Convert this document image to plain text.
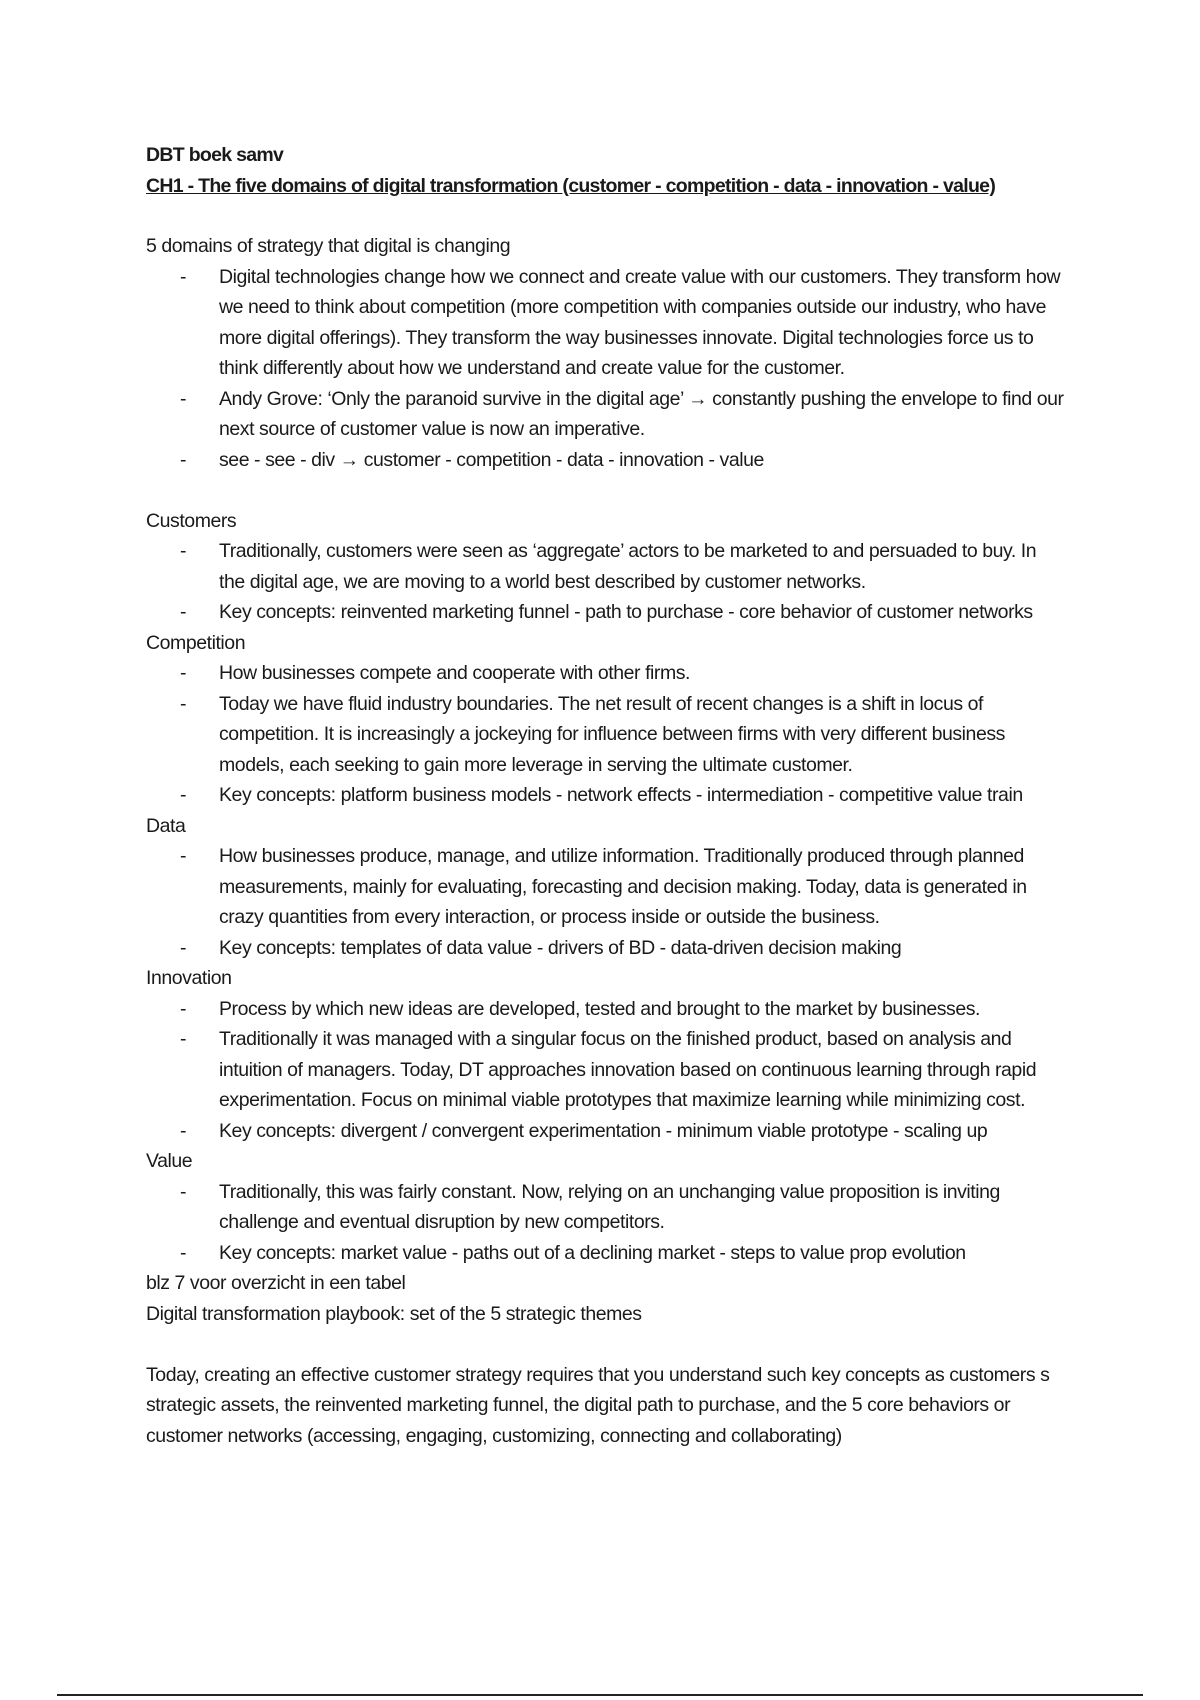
DBT boek samv

CH1 - The five domains of digital transformation (customer - competition - data - innovation - value)

5 domains of strategy that digital is changing

- Digital technologies change how we connect and create value with our customers. They transform how we need to think about competition (more competition with companies outside our industry, who have more digital offerings). They transform the way businesses innovate. Digital technologies force us to think differently about how we understand and create value for the customer.
- Andy Grove: ‘Only the paranoid survive in the digital age’ → constantly pushing the envelope to find our next source of customer value is now an imperative.
- see - see - div → customer - competition - data - innovation - value

Customers

- Traditionally, customers were seen as ‘aggregate’ actors to be marketed to and persuaded to buy. In the digital age, we are moving to a world best described by customer networks.
- Key concepts: reinvented marketing funnel - path to purchase - core behavior of customer networks

Competition

- How businesses compete and cooperate with other firms.
- Today we have fluid industry boundaries. The net result of recent changes is a shift in locus of competition. It is increasingly a jockeying for influence between firms with very different business models, each seeking to gain more leverage in serving the ultimate customer.
- Key concepts: platform business models - network effects - intermediation - competitive value train

Data

- How businesses produce, manage, and utilize information. Traditionally produced through planned measurements, mainly for evaluating, forecasting and decision making. Today, data is generated in crazy quantities from every interaction, or process inside or outside the business.
- Key concepts: templates of data value - drivers of BD - data-driven decision making

Innovation

- Process by which new ideas are developed, tested and brought to the market by businesses.
- Traditionally it was managed with a singular focus on the finished product, based on analysis and intuition of managers. Today, DT approaches innovation based on continuous learning through rapid experimentation. Focus on minimal viable prototypes that maximize learning while minimizing cost.
- Key concepts: divergent / convergent experimentation - minimum viable prototype - scaling up

Value

- Traditionally, this was fairly constant. Now, relying on an unchanging value proposition is inviting challenge and eventual disruption by new competitors.
- Key concepts: market value - paths out of a declining market - steps to value prop evolution

blz 7 voor overzicht in een tabel

Digital transformation playbook: set of the 5 strategic themes

Today, creating an effective customer strategy requires that you understand such key concepts as customers s strategic assets, the reinvented marketing funnel, the digital path to purchase, and the 5 core behaviors or customer networks (accessing, engaging, customizing, connecting and collaborating)
